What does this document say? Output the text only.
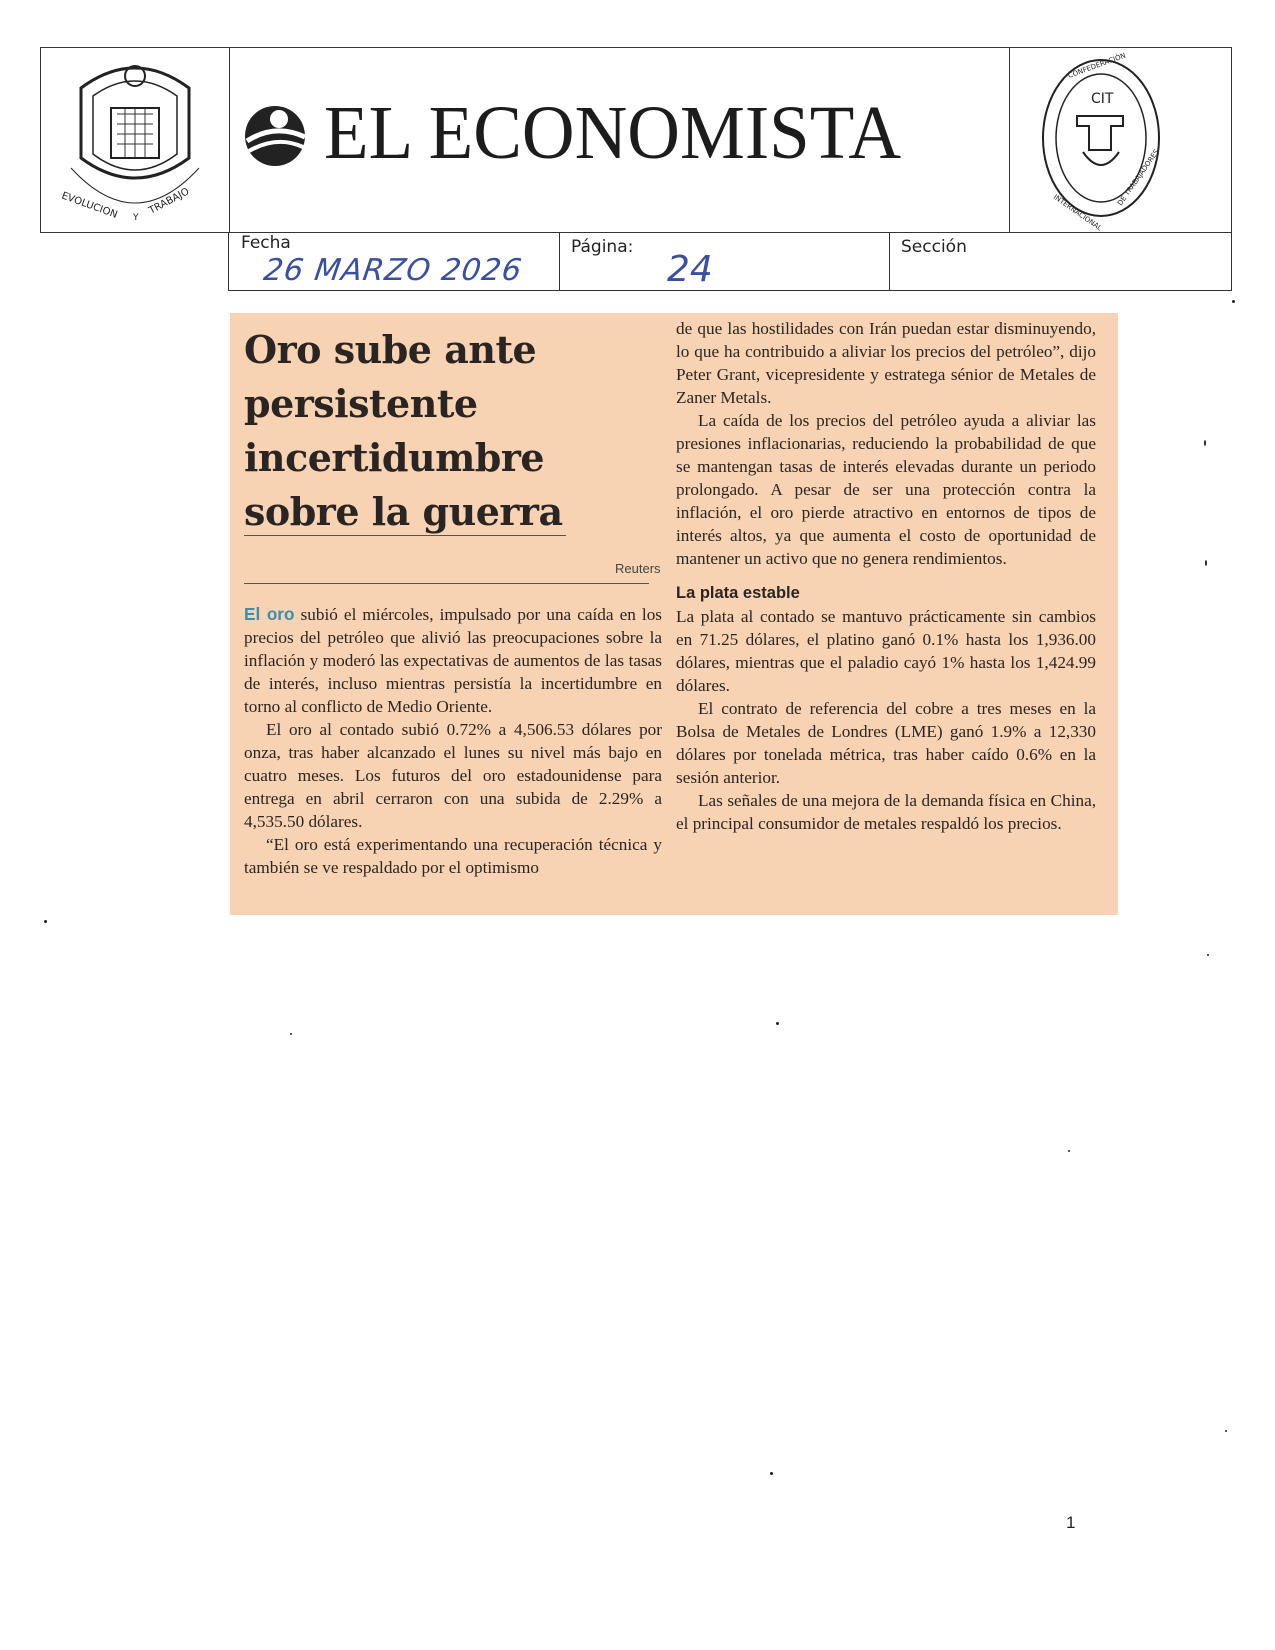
EVOLUCION Y
TRABAJO
EL ECONOMISTA	CIT
CONFEDERACIÓN
INTERNACIONAL
DE TRABAJADORES
Fecha
26 MARZO 2026
Página:
24
Sección
Oro sube ante persistente incertidumbre sobre la guerra
Reuters

El oro subió el miércoles, impulsado por una caída en los precios del petróleo que alivió las preocupaciones sobre la inflación y moderó las expectativas de aumentos de las tasas de interés, incluso mientras persistía la incertidumbre en torno al conflicto de Medio Oriente.

El oro al contado subió 0.72% a 4,506.53 dólares por onza, tras haber alcanzado el lunes su nivel más bajo en cuatro meses. Los futuros del oro estadounidense para entrega en abril cerraron con una subida de 2.29% a 4,535.50 dólares.

“El oro está experimentando una recuperación técnica y también se ve respaldado por el optimismo

de que las hostilidades con Irán puedan estar disminuyendo, lo que ha contribuido a aliviar los precios del petróleo”, dijo Peter Grant, vicepresidente y estratega sénior de Metales de Zaner Metals.

La caída de los precios del petróleo ayuda a aliviar las presiones inflacionarias, reduciendo la probabilidad de que se mantengan tasas de interés elevadas durante un periodo prolongado. A pesar de ser una protección contra la inflación, el oro pierde atractivo en entornos de tipos de interés altos, ya que aumenta el costo de oportunidad de mantener un activo que no genera rendimientos.

La plata estable

La plata al contado se mantuvo prácticamente sin cambios en 71.25 dólares, el platino ganó 0.1% hasta los 1,936.00 dólares, mientras que el paladio cayó 1% hasta los 1,424.99 dólares.

El contrato de referencia del cobre a tres meses en la Bolsa de Metales de Londres (LME) ganó 1.9% a 12,330 dólares por tonelada métrica, tras haber caído 0.6% en la sesión anterior.

Las señales de una mejora de la demanda física en China, el principal consumidor de metales respaldó los precios.

1
